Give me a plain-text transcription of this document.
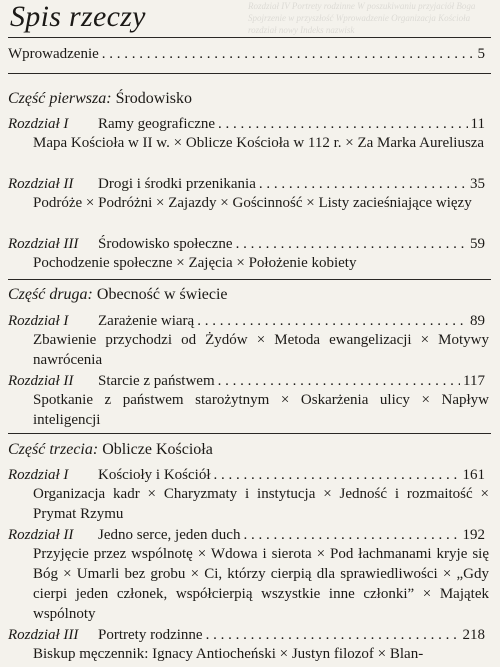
Rozdział IV Portrety rodzinne W poszukiwaniu przyjaciół Boga Spojrzenie w przyszłość Wprowadzenie Organizacja Kościoła rozdział nowy Indeks nazwisk
Spis rzeczy
Wprowadzenie . . .	5
Część pierwsza: Środowisko
Rozdział I	Ramy geograficzne . . .	11
Mapa Kościoła w II w. × Oblicze Kościoła w 112 r. × Za Marka Aureliusza
Rozdział II	Drogi i środki przenikania . . .	35
Podróże × Podróżni × Zajazdy × Gościnność × Listy zacieśniające więzy
Rozdział III	Środowisko społeczne . . .	59
Pochodzenie społeczne × Zajęcia × Położenie kobiety
Część druga: Obecność w świecie
Rozdział I	Zarażenie wiarą . . .	89
Zbawienie przychodzi od Żydów × Metoda ewangelizacji × Motywy nawrócenia
Rozdział II	Starcie z państwem . . .	117
Spotkanie z państwem starożytnym × Oskarżenia ulicy × Napływ inteligencji
Część trzecia: Oblicze Kościoła
Rozdział I	Kościoły i Kościół . . .	161
Organizacja kadr × Charyzmaty i instytucja × Jedność i rozmaitość × Prymat Rzymu
Rozdział II	Jedno serce, jeden duch . . .	192
Przyjęcie przez wspólnotę × Wdowa i sierota × Pod łachmanami kryje się Bóg × Umarli bez grobu × Ci, którzy cierpią dla sprawiedliwości × „Gdy cierpi jeden członek, współcierpią wszystkie inne członki” × Majątek wspólnoty
Rozdział III	Portrety rodzinne . . .	218
Biskup męczennik: Ignacy Antiocheński × Justyn filozof × Blan-
